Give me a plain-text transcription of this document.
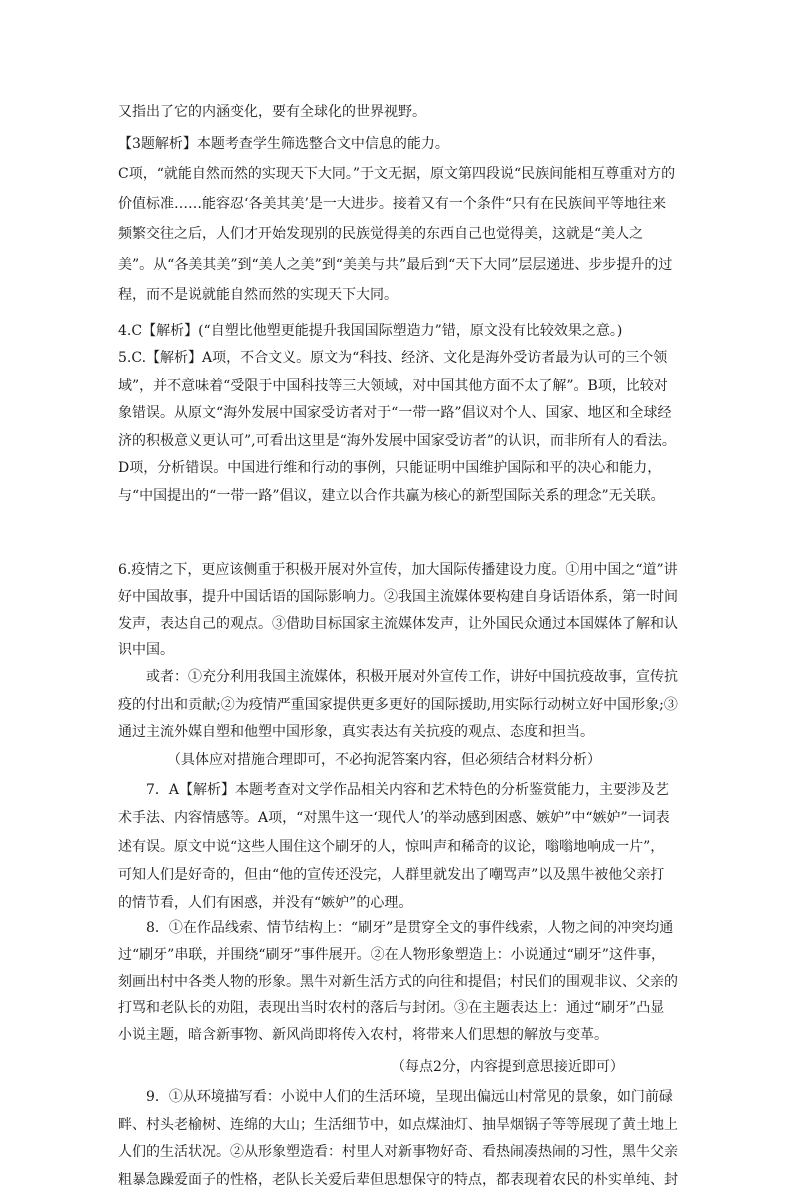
又指出了它的内涵变化，要有全球化的世界视野。
【3题解析】本题考查学生筛选整合文中信息的能力。
C项，“就能自然而然的实现天下大同。”于文无据，原文第四段说“民族间能相互尊重对方的价值标准……能容忍‘各美其美’是一大进步。接着又有一个条件“只有在民族间平等地往来频繁交往之后，人们才开始发现别的民族觉得美的东西自己也觉得美，这就是“美人之美”。从“各美其美”到“美人之美”到“美美与共”最后到“天下大同”层层递进、步步提升的过程，而不是说就能自然而然的实现天下大同。
4.C【解析】(“自塑比他塑更能提升我国国际塑造力”错，原文没有比较效果之意。)
5.C.【解析】A项，不合文义。原文为“科技、经济、文化是海外受访者最为认可的三个领域”，并不意味着“受限于中国科技等三大领域，对中国其他方面不太了解”。B项，比较对象错误。从原文“海外发展中国家受访者对于“一带一路”倡议对个人、国家、地区和全球经济的积极意义更认可”,可看出这里是“海外发展中国家受访者”的认识，而非所有人的看法。D项，分析错误。中国进行维和行动的事例，只能证明中国维护国际和平的决心和能力，与“中国提出的“一带一路”倡议，建立以合作共赢为核心的新型国际关系的理念”无关联。
6.疫情之下，更应该侧重于积极开展对外宣传，加大国际传播建设力度。①用中国之“道”讲好中国故事，提升中国话语的国际影响力。②我国主流媒体要构建自身话语体系，第一时间发声，表达自己的观点。③借助目标国家主流媒体发声，让外国民众通过本国媒体了解和认识中国。
　　或者：①充分利用我国主流媒体，积极开展对外宣传工作，讲好中国抗疫故事，宣传抗疫的付出和贡献;②为疫情严重国家提供更多更好的国际援助,用实际行动树立好中国形象;③通过主流外媒自塑和他塑中国形象，真实表达有关抗疫的观点、态度和担当。
　　　　（具体应对措施合理即可，不必拘泥答案内容，但必须结合材料分析）
　　7．A【解析】本题考查对文学作品相关内容和艺术特色的分析鉴赏能力，主要涉及艺术手法、内容情感等。A项，“对黑牛这一‘现代人’的举动感到困惑、嫉妒”中“嫉妒”一词表述有误。原文中说“这些人围住这个刷牙的人，惊叫声和稀奇的议论，嗡嗡地响成一片”，可知人们是好奇的，但由“他的宣传还没完，人群里就发出了嘲骂声”以及黑牛被他父亲打的情节看，人们有困惑，并没有“嫉妒”的心理。
　　8．①在作品线索、情节结构上：“刷牙”是贯穿全文的事件线索，人物之间的冲突均通过“刷牙”串联，并围绕“刷牙”事件展开。②在人物形象塑造上：小说通过“刷牙”这件事，刻画出村中各类人物的形象。黑牛对新生活方式的向往和提倡；村民们的围观非议、父亲的打骂和老队长的劝阻，表现出当时农村的落后与封闭。③在主题表达上：通过“刷牙”凸显小说主题，暗含新事物、新风尚即将传入农村，将带来人们思想的解放与变革。
　　　　　　　　　　　　　　　　　　　　（每点2分，内容提到意思接近即可）
　　9．①从环境描写看：小说中人们的生活环境，呈现出偏远山村常见的景象，如门前碌畔、村头老榆树、连绵的大山；生活细节中，如点煤油灯、抽旱烟锅子等等展现了黄土地上人们的生活状况。②从形象塑造看：村里人对新事物好奇、看热闹凑热闹的习性，黑牛父亲粗暴急躁爱面子的性格，老队长关爱后辈但思想保守的特点，都表现着农民的朴实单纯、封
